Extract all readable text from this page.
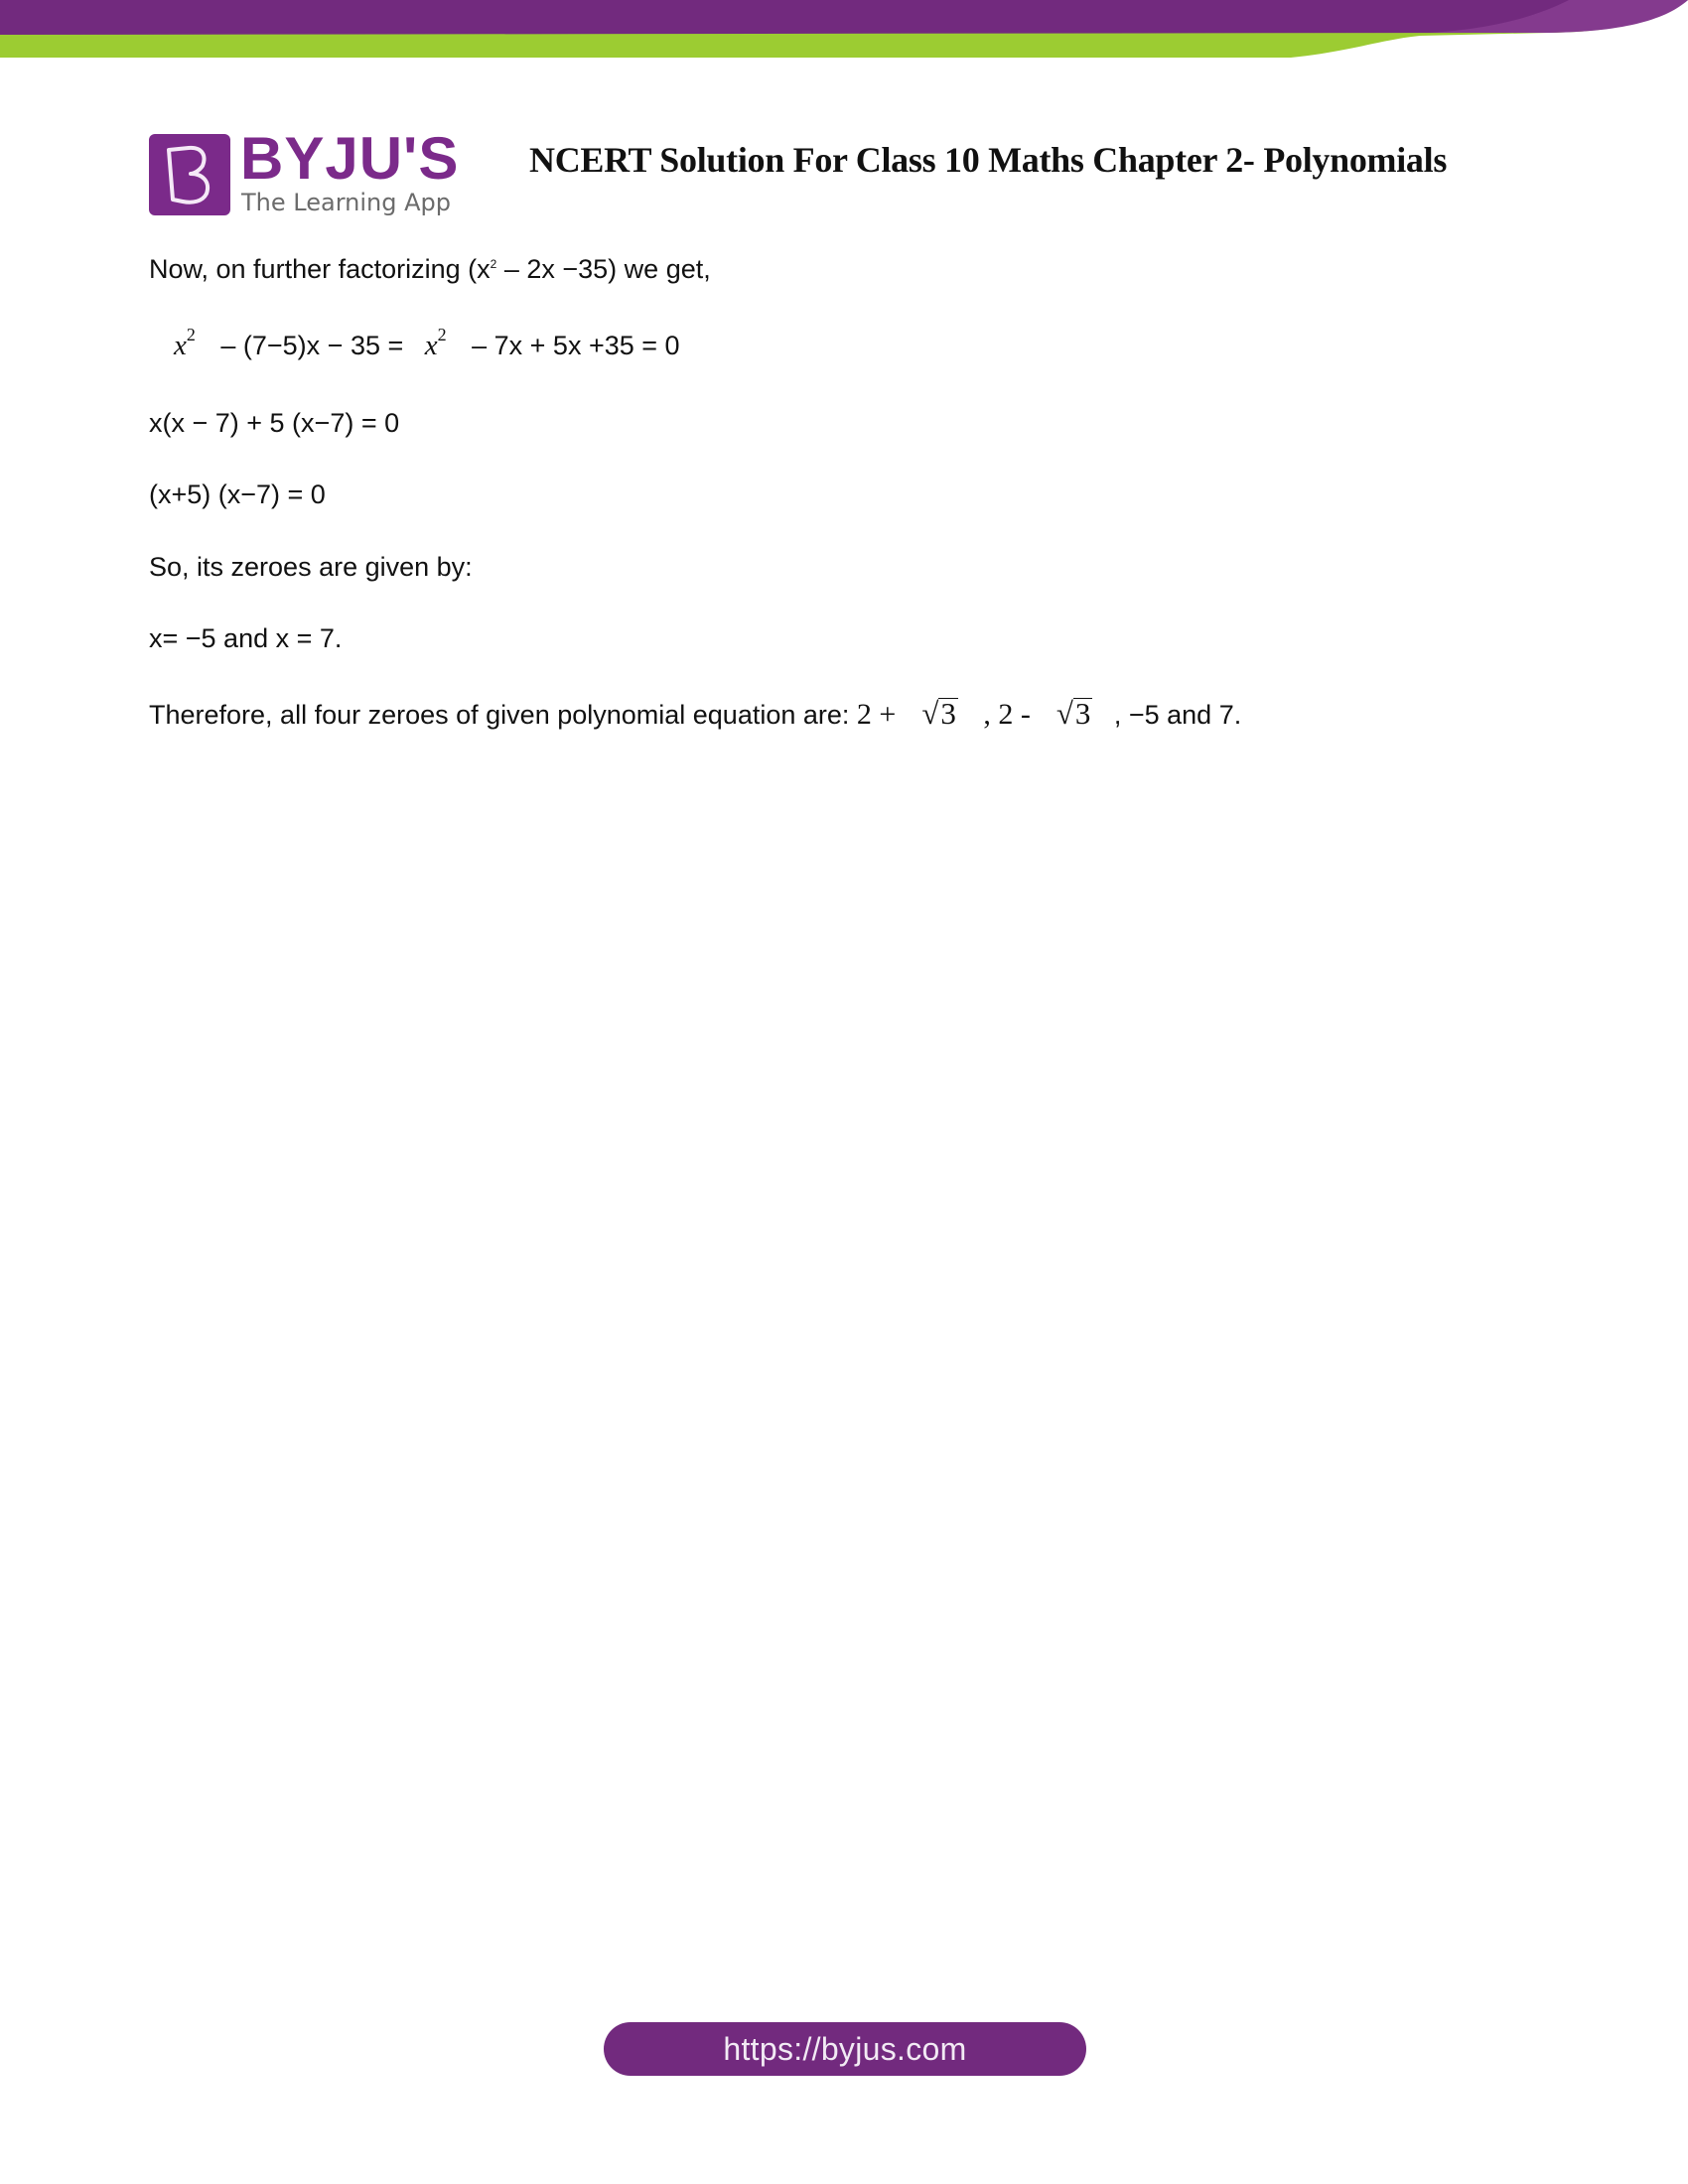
BYJU'S
The Learning App
NCERT Solution For Class 10 Maths Chapter 2- Polynomials
Now, on further factorizing $(x^2 - 2x -35)$ we get,
$x^2 - (7-5)x - 35 = x^2 - 7x + 5x +35 = 0$
x(x − 7) + 5 (x−7) = 0
(x+5) (x−7) = 0
So, its zeroes are given by:
x= −5 and x = 7.
Therefore, all four zeroes of given polynomial equation are: 2 + √3 , 2 - √3 , −5 and 7.
https://byjus.com
